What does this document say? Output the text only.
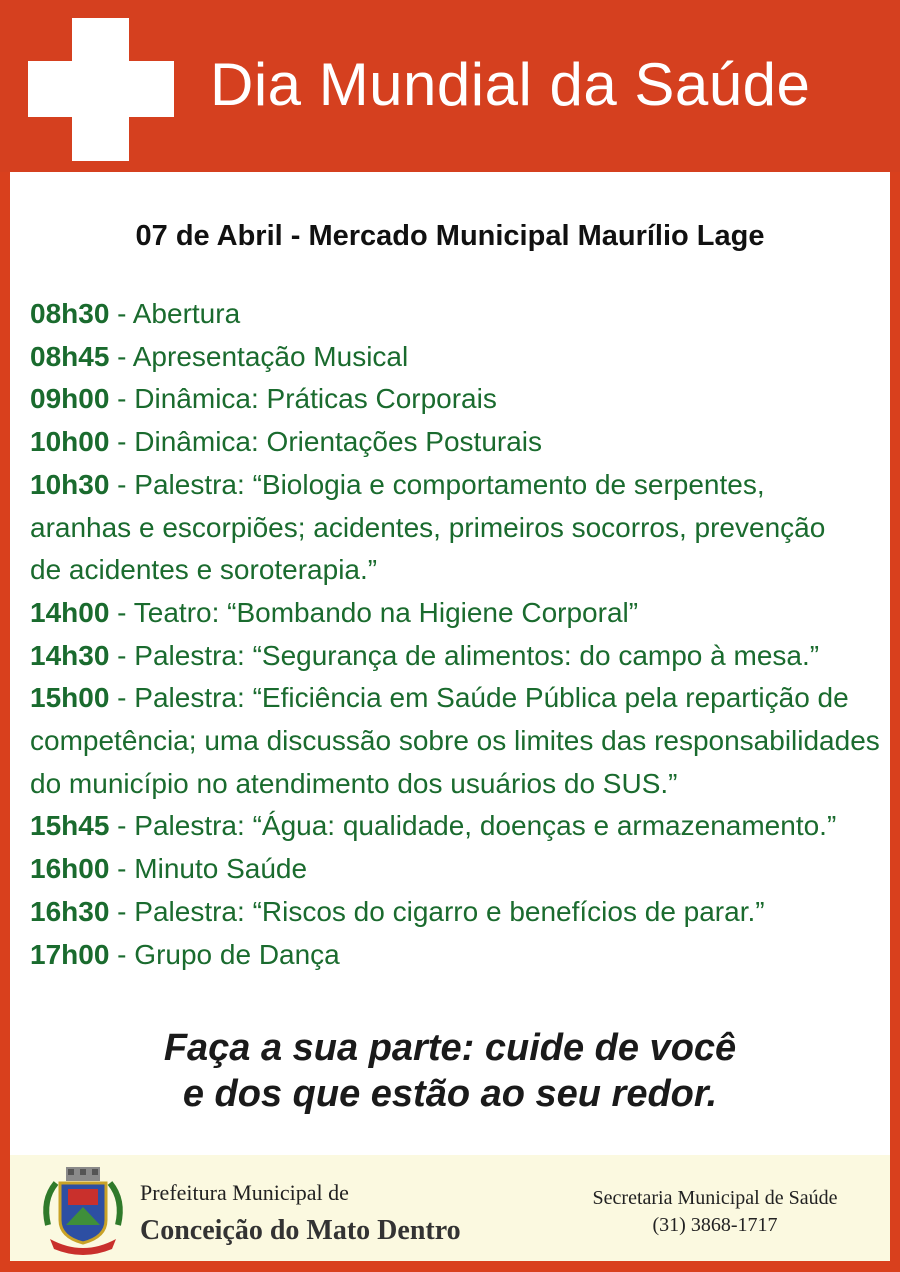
Dia Mundial da Saúde
07 de Abril - Mercado Municipal Maurílio Lage
08h30 - Abertura
08h45 - Apresentação Musical
09h00 - Dinâmica: Práticas Corporais
10h00 - Dinâmica: Orientações Posturais
10h30 - Palestra: “Biologia e comportamento de serpentes,
aranhas e escorpiões; acidentes, primeiros socorros, prevenção
de acidentes e soroterapia.”
14h00 - Teatro: “Bombando na Higiene Corporal”
14h30 - Palestra: “Segurança de alimentos: do campo à mesa.”
15h00 - Palestra: “Eficiência em Saúde Pública pela repartição de
competência; uma discussão sobre os limites das responsabilidades
do município no atendimento dos usuários do SUS.”
15h45 - Palestra: “Água: qualidade, doenças e armazenamento.”
16h00 - Minuto Saúde
16h30 - Palestra: “Riscos do cigarro e benefícios de parar.”
17h00 - Grupo de Dança
Faça a sua parte: cuide de você
e dos que estão ao seu redor.
Prefeitura Municipal de
Conceição do Mato Dentro
Secretaria Municipal de Saúde
(31) 3868-1717
